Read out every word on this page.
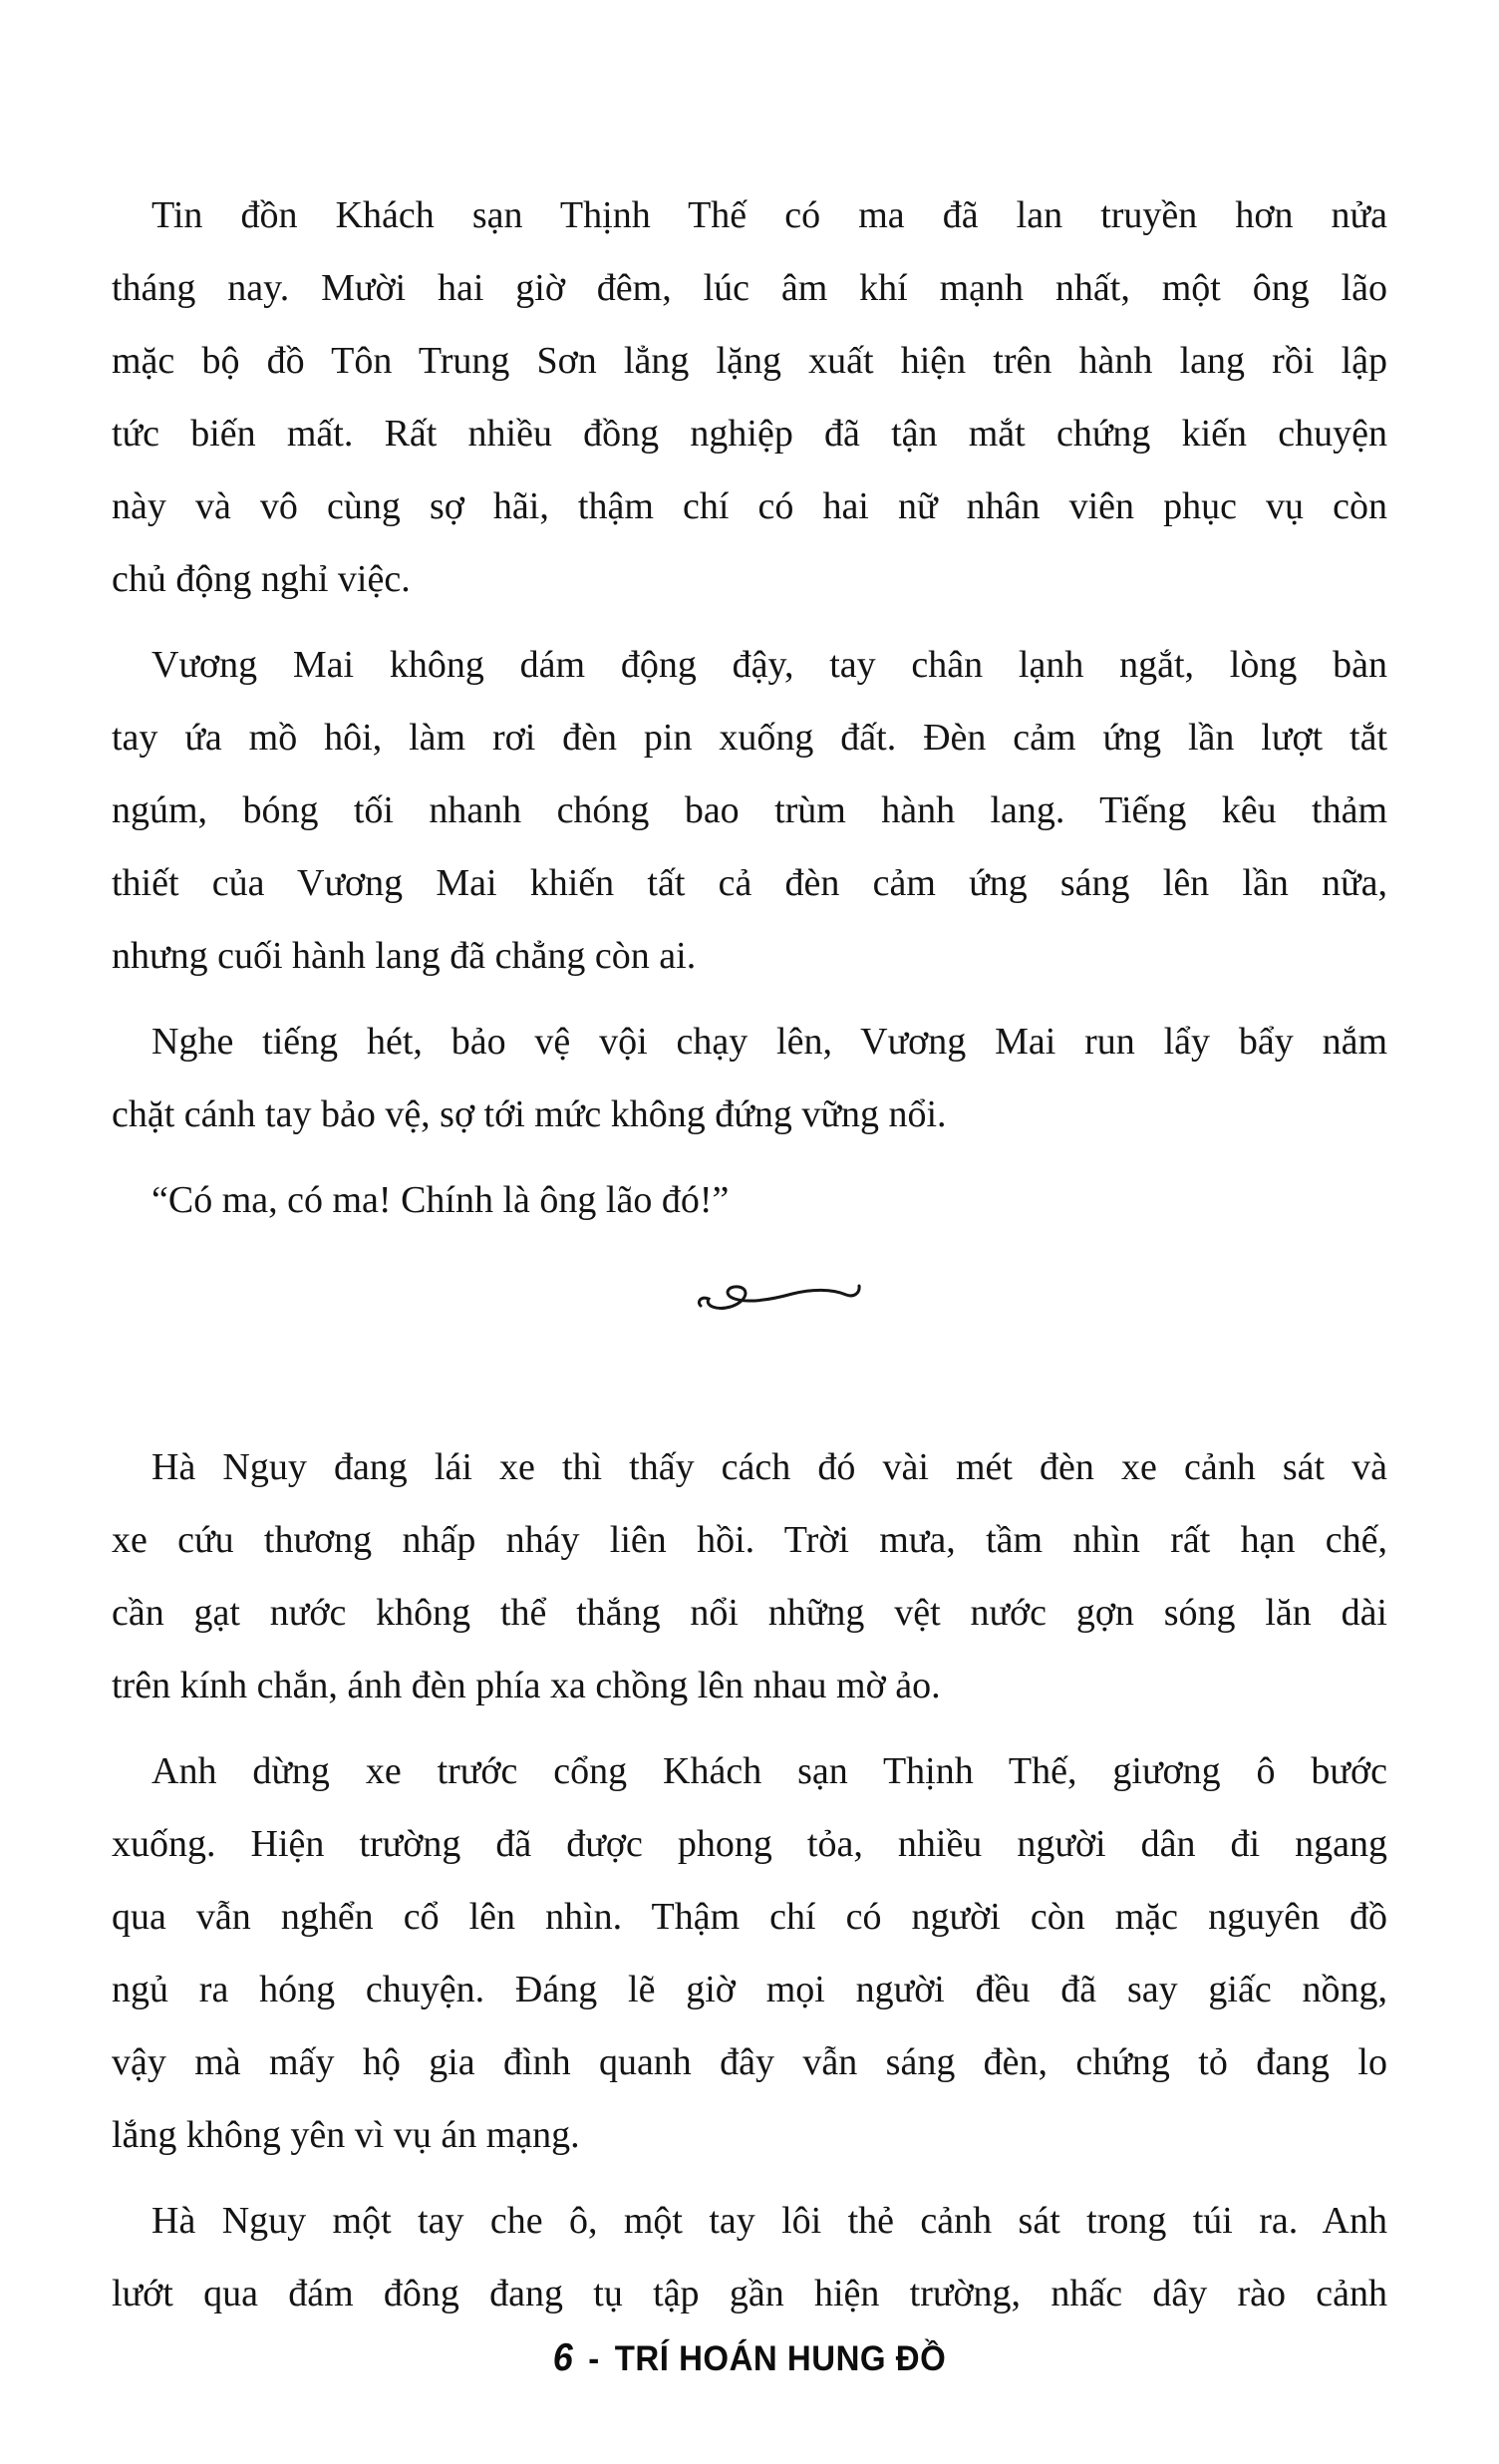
Tin đồn Khách sạn Thịnh Thế có ma đã lan truyền hơn nửa
tháng nay. Mười hai giờ đêm, lúc âm khí mạnh nhất, một ông lão
mặc bộ đồ Tôn Trung Sơn lẳng lặng xuất hiện trên hành lang rồi lập
tức biến mất. Rất nhiều đồng nghiệp đã tận mắt chứng kiến chuyện
này và vô cùng sợ hãi, thậm chí có hai nữ nhân viên phục vụ còn
chủ động nghỉ việc.
Vương Mai không dám động đậy, tay chân lạnh ngắt, lòng bàn
tay ứa mồ hôi, làm rơi đèn pin xuống đất. Đèn cảm ứng lần lượt tắt
ngúm, bóng tối nhanh chóng bao trùm hành lang. Tiếng kêu thảm
thiết của Vương Mai khiến tất cả đèn cảm ứng sáng lên lần nữa,
nhưng cuối hành lang đã chẳng còn ai.
Nghe tiếng hét, bảo vệ vội chạy lên, Vương Mai run lẩy bẩy nắm
chặt cánh tay bảo vệ, sợ tới mức không đứng vững nổi.
“Có ma, có ma! Chính là ông lão đó!”
Hà Nguy đang lái xe thì thấy cách đó vài mét đèn xe cảnh sát và
xe cứu thương nhấp nháy liên hồi. Trời mưa, tầm nhìn rất hạn chế,
cần gạt nước không thể thắng nổi những vệt nước gợn sóng lăn dài
trên kính chắn, ánh đèn phía xa chồng lên nhau mờ ảo.
Anh dừng xe trước cổng Khách sạn Thịnh Thế, giương ô bước
xuống. Hiện trường đã được phong tỏa, nhiều người dân đi ngang
qua vẫn nghển cổ lên nhìn. Thậm chí có người còn mặc nguyên đồ
ngủ ra hóng chuyện. Đáng lẽ giờ mọi người đều đã say giấc nồng,
vậy mà mấy hộ gia đình quanh đây vẫn sáng đèn, chứng tỏ đang lo
lắng không yên vì vụ án mạng.
Hà Nguy một tay che ô, một tay lôi thẻ cảnh sát trong túi ra. Anh
lướt qua đám đông đang tụ tập gần hiện trường, nhấc dây rào cảnh
6 - TRÍ HOÁN HUNG ĐỒ
